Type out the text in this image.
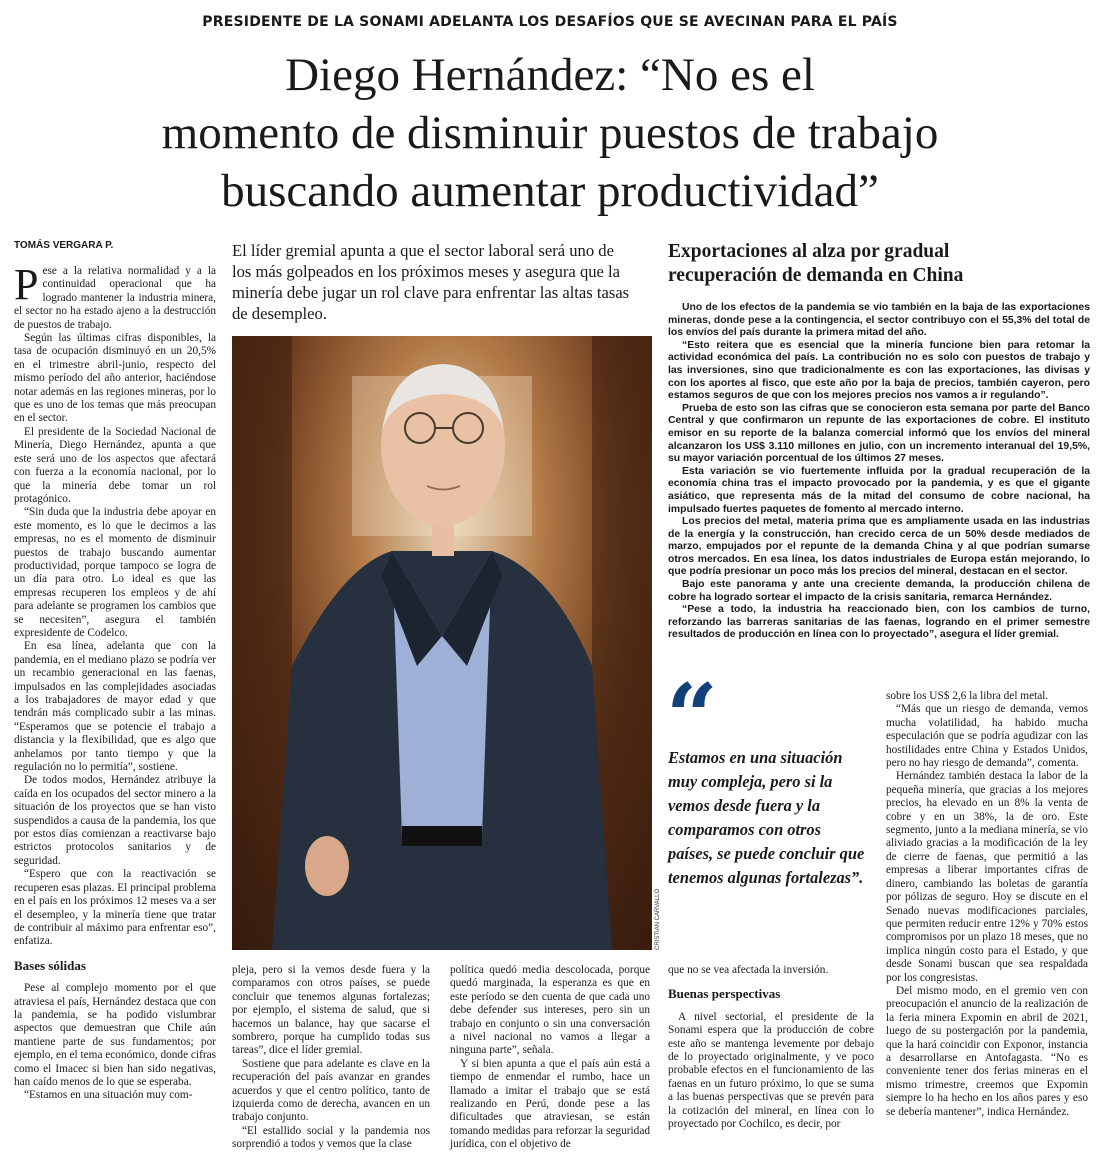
PRESIDENTE DE LA SONAMI ADELANTA LOS DESAFÍOS QUE SE AVECINAN PARA EL PAÍS
Diego Hernández: “No es el
momento de disminuir puestos de trabajo
buscando aumentar productividad”
TOMÁS VERGARA P.

P ese a la relativa normalidad y a la continuidad operacional que ha logrado mantener la industria minera, el sector no ha estado ajeno a la destrucción de puestos de trabajo.

Según las últimas cifras disponibles, la tasa de ocupación disminuyó en un 20,5% en el trimestre abril-junio, respecto del mismo período del año anterior, haciéndose notar además en las regiones mineras, por lo que es uno de los temas que más preocupan en el sector.

El presidente de la Sociedad Nacional de Minería, Diego Hernández, apunta a que este será uno de los aspectos que afectará con fuerza a la economía nacional, por lo que la minería debe tomar un rol protagónico.

“Sin duda que la industria debe apoyar en este momento, es lo que le decimos a las empresas, no es el momento de disminuir puestos de trabajo buscando aumentar productividad, porque tampoco se logra de un día para otro. Lo ideal es que las empresas recuperen los empleos y de ahí para adelante se programen los cambios que se necesiten”, asegura el también expresidente de Codelco.

En esa línea, adelanta que con la pandemia, en el mediano plazo se podría ver un recambio generacional en las faenas, impulsados en las complejidades asociadas a los trabajadores de mayor edad y que tendrán más complicado subir a las minas. “Esperamos que se potencie el trabajo a distancia y la flexibilidad, que es algo que anhelamos por tanto tiempo y que la regulación no lo permitía”, sostiene.

De todos modos, Hernández atribuye la caída en los ocupados del sector minero a la situación de los proyectos que se han visto suspendidos a causa de la pandemia, los que por estos días comienzan a reactivarse bajo estrictos protocolos sanitarios y de seguridad.

“Espero que con la reactivación se recuperen esas plazas. El principal problema en el país en los próximos 12 meses va a ser el desempleo, y la minería tiene que tratar de contribuir al máximo para enfrentar eso”, enfatiza.

Bases sólidas

Pese al complejo momento por el que atraviesa el país, Hernández destaca que con la pandemia, se ha podido vislumbrar aspectos que demuestran que Chile aún mantiene parte de sus fundamentos; por ejemplo, en el tema económico, donde cifras como el Imacec si bien han sido negativas, han caído menos de lo que se esperaba.

“Estamos en una situación muy com-

El líder gremial apunta a que el sector laboral será uno de los más golpeados en los próximos meses y asegura que la minería debe jugar un rol clave para enfrentar las altas tasas de desempleo.
CRISTIAN CARVALLO

pleja, pero si la vemos desde fuera y la comparamos con otros países, se puede concluir que tenemos algunas fortalezas; por ejemplo, el sistema de salud, que si hacemos un balance, hay que sacarse el sombrero, porque ha cumplido todas sus tareas”, dice el líder gremial.

Sostiene que para adelante es clave en la recuperación del país avanzar en grandes acuerdos y que el centro político, tanto de izquierda como de derecha, avancen en un trabajo conjunto.

“El estallido social y la pandemia nos sorprendió a todos y vemos que la clase

política quedó media descolocada, porque quedó marginada, la esperanza es que en este período se den cuenta de que cada uno debe defender sus intereses, pero sin un trabajo en conjunto o sin una conversación a nivel nacional no vamos a llegar a ninguna parte”, señala.

Y si bien apunta a que el país aún está a tiempo de enmendar el rumbo, hace un llamado a imitar el trabajo que se está realizando en Perú, donde pese a las dificultades que atraviesan, se están tomando medidas para reforzar la seguridad jurídica, con el objetivo de

Exportaciones al alza por gradual
recuperación de demanda en China

Uno de los efectos de la pandemia se vio también en la baja de las exportaciones mineras, donde pese a la contingencia, el sector contribuyo con el 55,3% del total de los envíos del país durante la primera mitad del año.

“Esto reitera que es esencial que la minería funcione bien para retomar la actividad económica del país. La contribución no es solo con puestos de trabajo y las inversiones, sino que tradicionalmente es con las exportaciones, las divisas y con los aportes al fisco, que este año por la baja de precios, también cayeron, pero estamos seguros de que con los mejores precios nos vamos a ir regulando”.

Prueba de esto son las cifras que se conocieron esta semana por parte del Banco Central y que confirmaron un repunte de las exportaciones de cobre. El instituto emisor en su reporte de la balanza comercial informó que los envíos del mineral alcanzaron los US$ 3.110 millones en julio, con un incremento interanual del 19,5%, su mayor variación porcentual de los últimos 27 meses.

Esta variación se vio fuertemente influida por la gradual recuperación de la economía china tras el impacto provocado por la pandemia, y es que el gigante asiático, que representa más de la mitad del consumo de cobre nacional, ha impulsado fuertes paquetes de fomento al mercado interno.

Los precios del metal, materia prima que es ampliamente usada en las industrias de la energía y la construcción, han crecido cerca de un 50% desde mediados de marzo, empujados por el repunte de la demanda China y al que podrían sumarse otros mercados. En esa línea, los datos industriales de Europa están mejorando, lo que podría presionar un poco más los precios del mineral, destacan en el sector.

Bajo este panorama y ante una creciente demanda, la producción chilena de cobre ha logrado sortear el impacto de la crisis sanitaria, remarca Hernández.

“Pese a todo, la industria ha reaccionado bien, con los cambios de turno, reforzando las barreras sanitarias de las faenas, logrando en el primer semestre resultados de producción en línea con lo proyectado”, asegura el líder gremial.

“
Estamos en una situación muy compleja, pero si la vemos desde fuera y la comparamos con otros países, se puede concluir que tenemos algunas fortalezas”.

que no se vea afectada la inversión.

Buenas perspectivas

A nivel sectorial, el presidente de la Sonami espera que la producción de cobre este año se mantenga levemente por debajo de lo proyectado originalmente, y ve poco probable efectos en el funcionamiento de las faenas en un futuro próximo, lo que se suma a las buenas perspectivas que se prevén para la cotización del mineral, en línea con lo proyectado por Cochilco, es decir, por

sobre los US$ 2,6 la libra del metal.

“Más que un riesgo de demanda, vemos mucha volatilidad, ha habido mucha especulación que se podría agudizar con las hostilidades entre China y Estados Unidos, pero no hay riesgo de demanda”, comenta.

Hernández también destaca la labor de la pequeña minería, que gracias a los mejores precios, ha elevado en un 8% la venta de cobre y en un 38%, la de oro. Este segmento, junto a la mediana minería, se vio aliviado gracias a la modificación de la ley de cierre de faenas, que permitió a las empresas a liberar importantes cifras de dinero, cambiando las boletas de garantía por pólizas de seguro. Hoy se discute en el Senado nuevas modificaciones parciales, que permiten reducir entre 12% y 70% estos compromisos por un plazo 18 meses, que no implica ningún costo para el Estado, y que desde Sonami buscan que sea respaldada por los congresistas.

Del mismo modo, en el gremio ven con preocupación el anuncio de la realización de la feria minera Expomin en abril de 2021, luego de su postergación por la pandemia, que la hará coincidir con Exponor, instancia a desarrollarse en Antofagasta. “No es conveniente tener dos ferias mineras en el mismo trimestre, creemos que Expomin siempre lo ha hecho en los años pares y eso se debería mantener”, indica Hernández.
